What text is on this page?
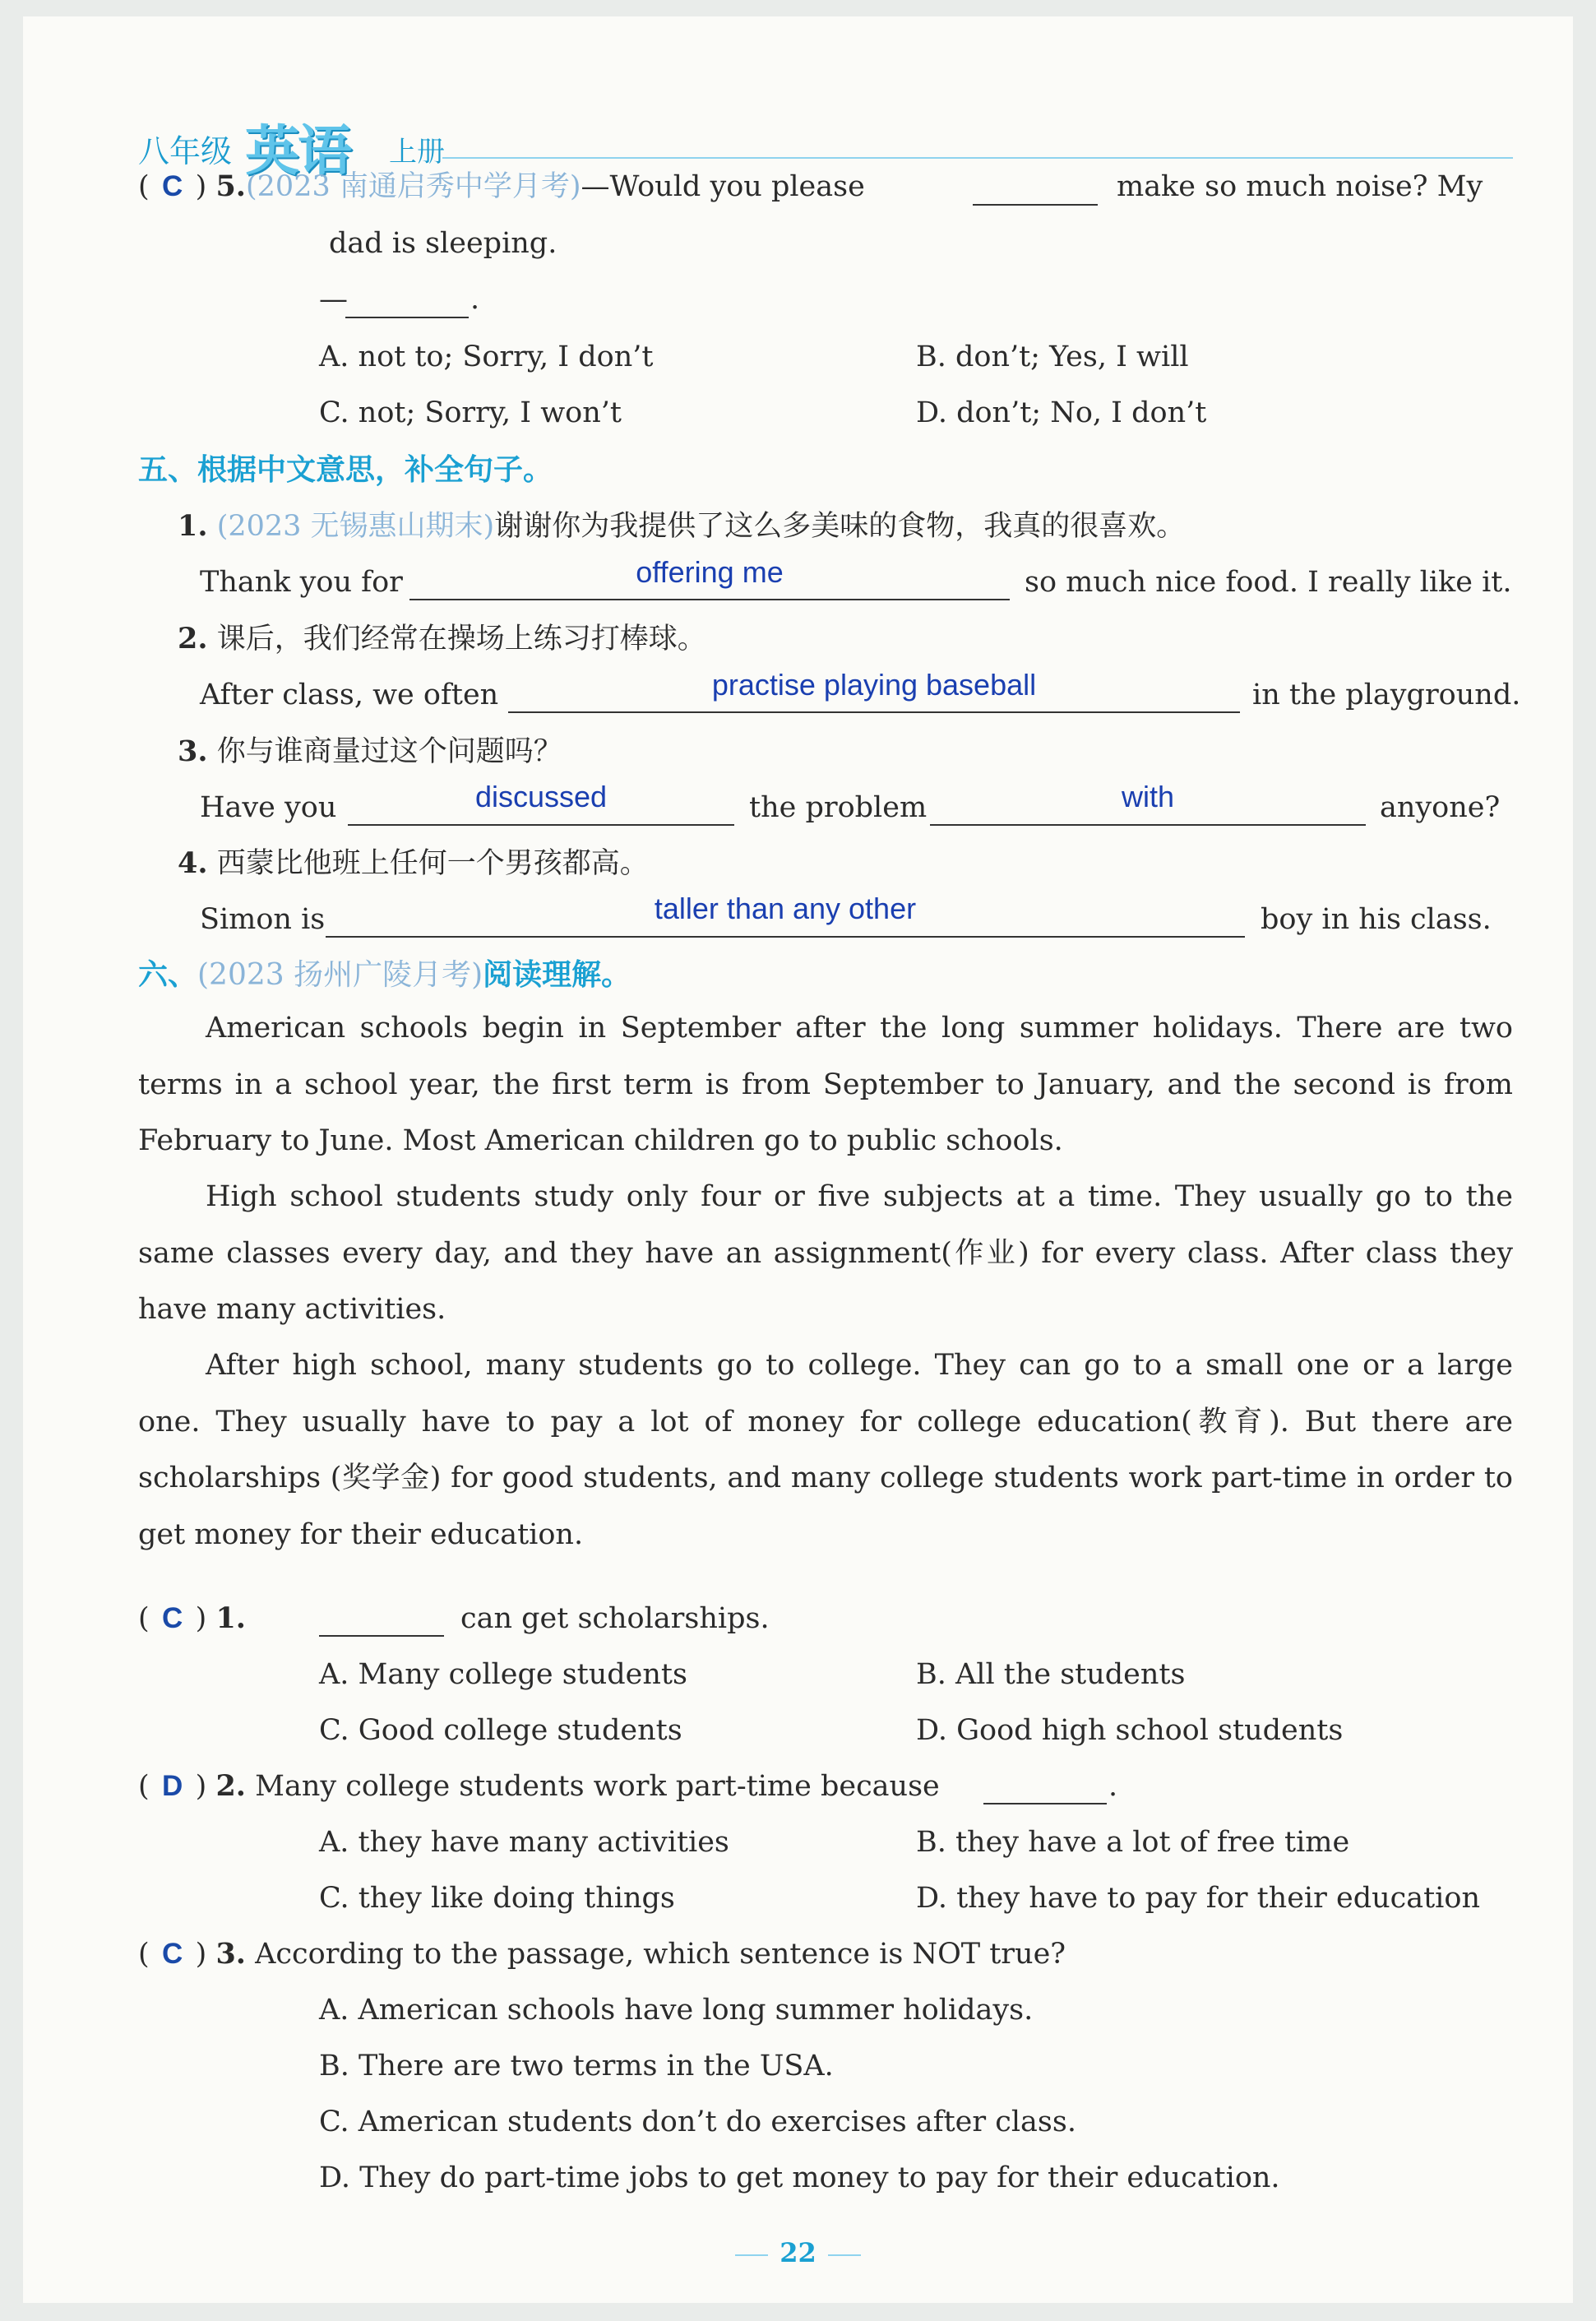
八年级 英语 上册
( C ) 5.(2023 南通启秀中学月考)—Would you please	make so much noise? My
dad is sleeping.
—	.
A. not to; Sorry, I don’t	B. don’t; Yes, I will
C. not; Sorry, I won’t	D. don’t; No, I don’t
五、根据中文意思，补全句子。
1. (2023 无锡惠山期末)谢谢你为我提供了这么多美味的食物，我真的很喜欢。
Thank you for	offering me	so much nice food. I really like it.
2. 课后，我们经常在操场上练习打棒球。
After class, we often	practise playing baseball	in the playground.
3. 你与谁商量过这个问题吗？
Have you	discussed	the problem	with	anyone?
4. 西蒙比他班上任何一个男孩都高。
Simon is	taller than any other	boy in his class.
六、(2023 扬州广陵月考)阅读理解。
American schools begin in September after the long summer holidays. There are two terms in a school year, the first term is from September to January, and the second is from February to June. Most American children go to public schools.
High school students study only four or five subjects at a time. They usually go to the same classes every day, and they have an assignment(作业) for every class. After class they have many activities.
After high school, many students go to college. They can go to a small one or a large one. They usually have to pay a lot of money for college education(教育). But there are scholarships (奖学金) for good students, and many college students work part-time in order to get money for their education.
( C ) 1.	can get scholarships.
A. Many college students	B. All the students
C. Good college students	D. Good high school students
( D ) 2. Many college students work part-time because	.
A. they have many activities	B. they have a lot of free time
C. they like doing things	D. they have to pay for their education
( C ) 3. According to the passage, which sentence is NOT true?
A. American schools have long summer holidays.
B. There are two terms in the USA.
C. American students don’t do exercises after class.
D. They do part-time jobs to get money to pay for their education.
22
